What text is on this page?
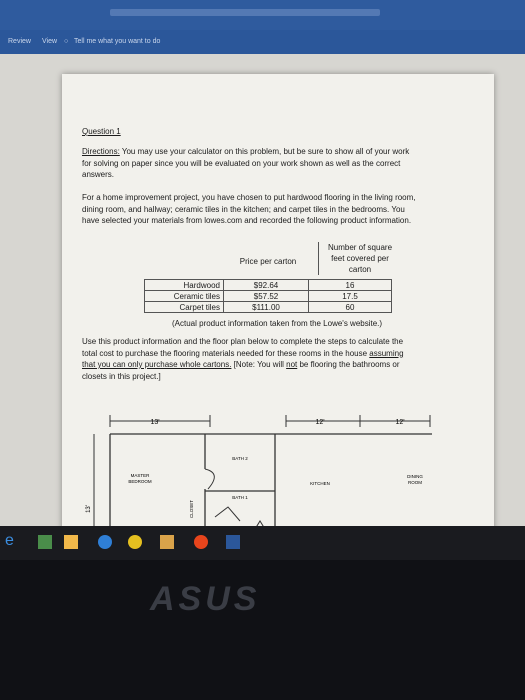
Review View ○ Tell me what you want to do
Question 1
Directions: You may use your calculator on this problem, but be sure to show all of your work
for solving on paper since you will be evaluated on your work shown as well as the correct
answers.
For a home improvement project, you have chosen to put hardwood flooring in the living room,
dining room, and hallway; ceramic tiles in the kitchen; and carpet tiles in the bedrooms. You
have selected your materials from lowes.com and recorded the following product information.
Price per carton
Number of square
feet covered per
carton
Hardwood	$92.64	16
Ceramic tiles	$57.52	17.5
Carpet tiles	$111.00	60
(Actual product information taken from the Lowe's website.)
Use this product information and the floor plan below to complete the steps to calculate the
total cost to purchase the flooring materials needed for these rooms in the house assuming
that you can only purchase whole cartons. [Note: You will not be flooring the bathrooms or
closets in this project.]
13'	12'	12'
13'
BATH 2
BATH 1
MASTER
BEDROOM	KITCHEN
DINING
ROOM
CLOSET
e
ASUS
